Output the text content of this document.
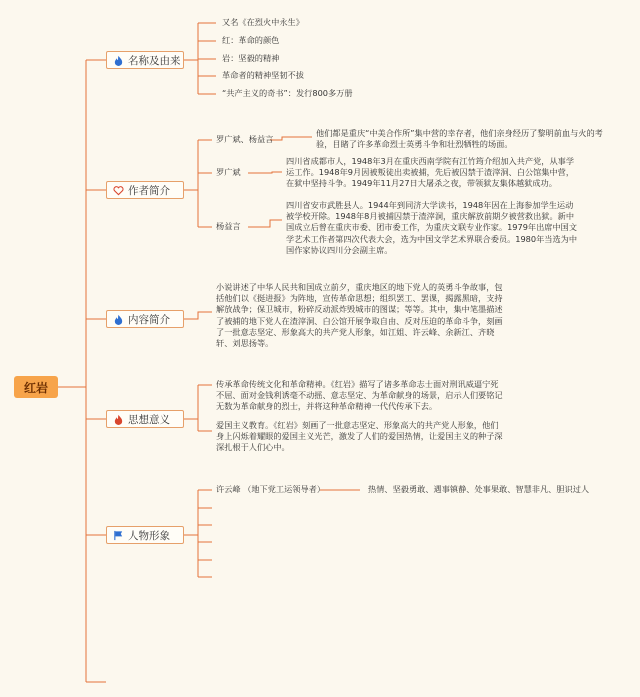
红岩
名称及由来
又名《在烈火中永生》
红：革命的颜色
岩：坚毅的精神
革命者的精神坚韧不拔
“共产主义的奇书”：发行800多万册
作者简介
罗广斌、杨益言
他们都是重庆“中美合作所”集中营的幸存者，他们亲身经历了黎明前血与火的考验，目睹了许多革命烈士英勇斗争和壮烈牺牲的场面。
罗广斌
四川省成都市人，1948年3月在重庆西南学院有江竹筠介绍加入共产党，从事学运工作。1948年9月因被叛徒出卖被捕，先后被囚禁于渣滓洞、白公馆集中营，在狱中坚持斗争。1949年11月27日大屠杀之夜，带领狱友集体越狱成功。
杨益言
四川省安市武胜县人。1944年到同济大学读书，1948年因在上海参加学生运动被学校开除。1948年8月被捕囚禁于渣滓洞，重庆解放前期夕被营救出狱。新中国成立后曾在重庆市委、团市委工作，为重庆文联专业作家。1979年出席中国文学艺术工作者第四次代表大会，选为中国文学艺术界联合委员。1980年当选为中国作家协议四川分会副主席。
内容简介
小说讲述了中华人民共和国成立前夕，重庆地区的地下党人的英勇斗争故事，包括他们以《挺进报》为阵地，宣传革命思想；组织罢工、罢课，揭露黑暗，支持解放战争；保卫城市，粉碎反动派炸毁城市的图谋；等等。其中，集中笔墨描述了被捕的地下党人在渣滓洞、白公馆开展争取自由、反对压迫的革命斗争，刻画了一批意志坚定、形象高大的共产党人形象，如江姐、许云峰、余新江、齐晓轩、刘思扬等。
思想意义
传承革命传统文化和革命精神。《红岩》描写了诸多革命志士面对刑讯威逼宁死不屈、面对金钱利诱毫不动摇、意志坚定、为革命献身的场景，启示人们要铭记无数为革命献身的烈士，并将这种革命精神一代代传承下去。
爱国主义教育。《红岩》刻画了一批意志坚定、形象高大的共产党人形象，他们身上闪烁着耀眼的爱国主义光芒，激发了人们的爱国热情，让爱国主义的种子深深扎根于人们心中。
人物形象
许云峰 （地下党工运领导者）	热情、坚毅勇敢、遇事镇静、处事果敢、智慧非凡、胆识过人
